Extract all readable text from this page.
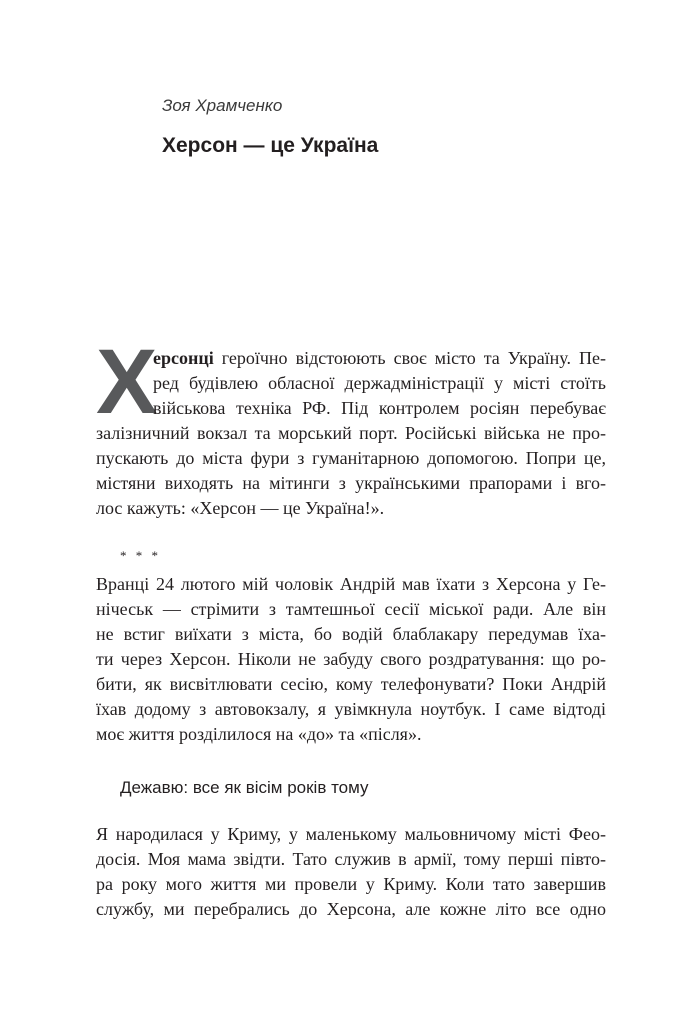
Зоя Храмченко
Херсон — це Україна
Х
ерсонці героїчно відстоюють своє місто та Україну. Пе-
ред будівлею обласної держадміністрації у місті стоїть
військова техніка РФ. Під контролем росіян перебуває
залізничний вокзал та морський порт. Російські війська не про-
пускають до міста фури з гуманітарною допомогою. Попри це,
містяни виходять на мітинги з українськими прапорами і вго-
лос кажуть: «Херсон — це Україна!».
* * *
Вранці 24 лютого мій чоловік Андрій мав їхати з Херсона у Ге-
нічеськ — стрімити з тамтешньої сесії міської ради. Але він
не встиг виїхати з міста, бо водій блаблакару передумав їха-
ти через Херсон. Ніколи не забуду свого роздратування: що ро-
бити, як висвітлювати сесію, кому телефонувати? Поки Андрій
їхав додому з автовокзалу, я увімкнула ноутбук. І саме відтоді
моє життя розділилося на «до» та «після».
Дежавю: все як вісім років тому
Я народилася у Криму, у маленькому мальовничому місті Фео-
досія. Моя мама звідти. Тато служив в армії, тому перші півто-
ра року мого життя ми провели у Криму. Коли тато завершив
службу, ми перебрались до Херсона, але кожне літо все одно
